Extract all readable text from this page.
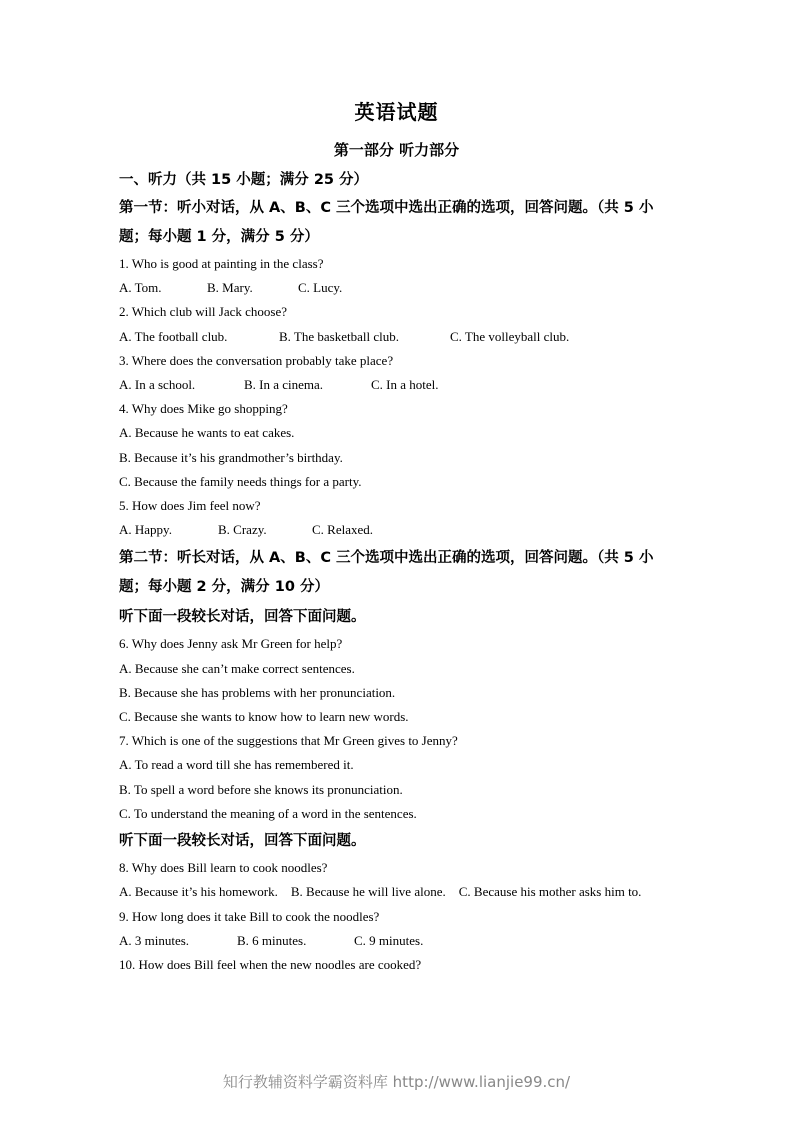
英语试题
第一部分 听力部分
一、听力（共 15 小题；满分 25 分）
第一节：听小对话，从 A、B、C 三个选项中选出正确的选项，回答问题。（共 5 小题；每小题 1 分，满分 5 分）
1. Who is good at painting in the class?
A. Tom.	B. Mary.	C. Lucy.
2. Which club will Jack choose?
A. The football club.	B. The basketball club.	C. The volleyball club.
3. Where does the conversation probably take place?
A. In a school.	B. In a cinema.	C. In a hotel.
4. Why does Mike go shopping?
A. Because he wants to eat cakes.
B. Because it’s his grandmother’s birthday.
C. Because the family needs things for a party.
5. How does Jim feel now?
A. Happy.	B. Crazy.	C. Relaxed.
第二节：听长对话，从 A、B、C 三个选项中选出正确的选项，回答问题。（共 5 小题；每小题 2 分，满分 10 分）
听下面一段较长对话，回答下面问题。
6. Why does Jenny ask Mr Green for help?
A. Because she can’t make correct sentences.
B. Because she has problems with her pronunciation.
C. Because she wants to know how to learn new words.
7. Which is one of the suggestions that Mr Green gives to Jenny?
A. To read a word till she has remembered it.
B. To spell a word before she knows its pronunciation.
C. To understand the meaning of a word in the sentences.
听下面一段较长对话，回答下面问题。
8. Why does Bill learn to cook noodles?
A. Because it’s his homework.    B. Because he will live alone.    C. Because his mother asks him to.
9. How long does it take Bill to cook the noodles?
A. 3 minutes.	B. 6 minutes.	C. 9 minutes.
10. How does Bill feel when the new noodles are cooked?
知行教辅资料学霸资料库 http://www.lianjie99.cn/
